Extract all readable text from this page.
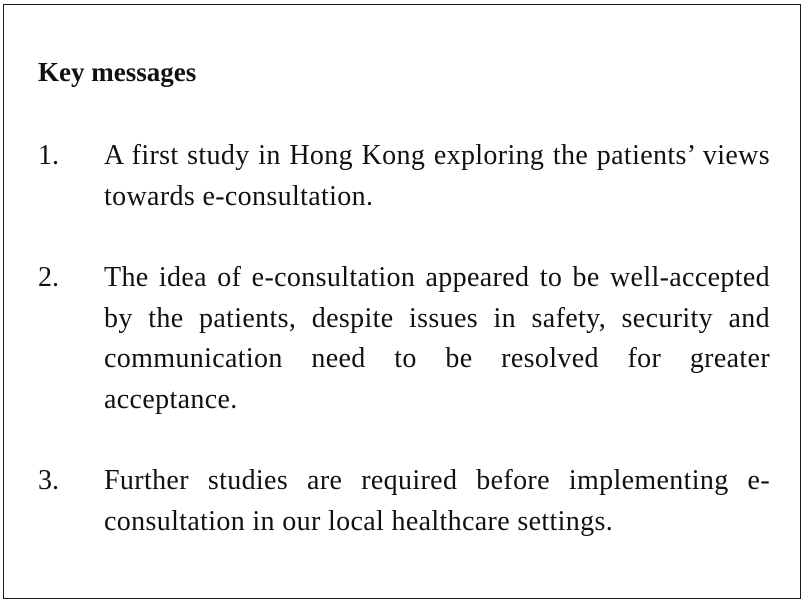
Key messages
1. A first study in Hong Kong exploring the patients’ views towards e-consultation.

2. The idea of e-consultation appeared to be well-accepted by the patients, despite issues in safety, security and communication need to be resolved for greater acceptance.

3. Further studies are required before implementing e-consultation in our local healthcare settings.
